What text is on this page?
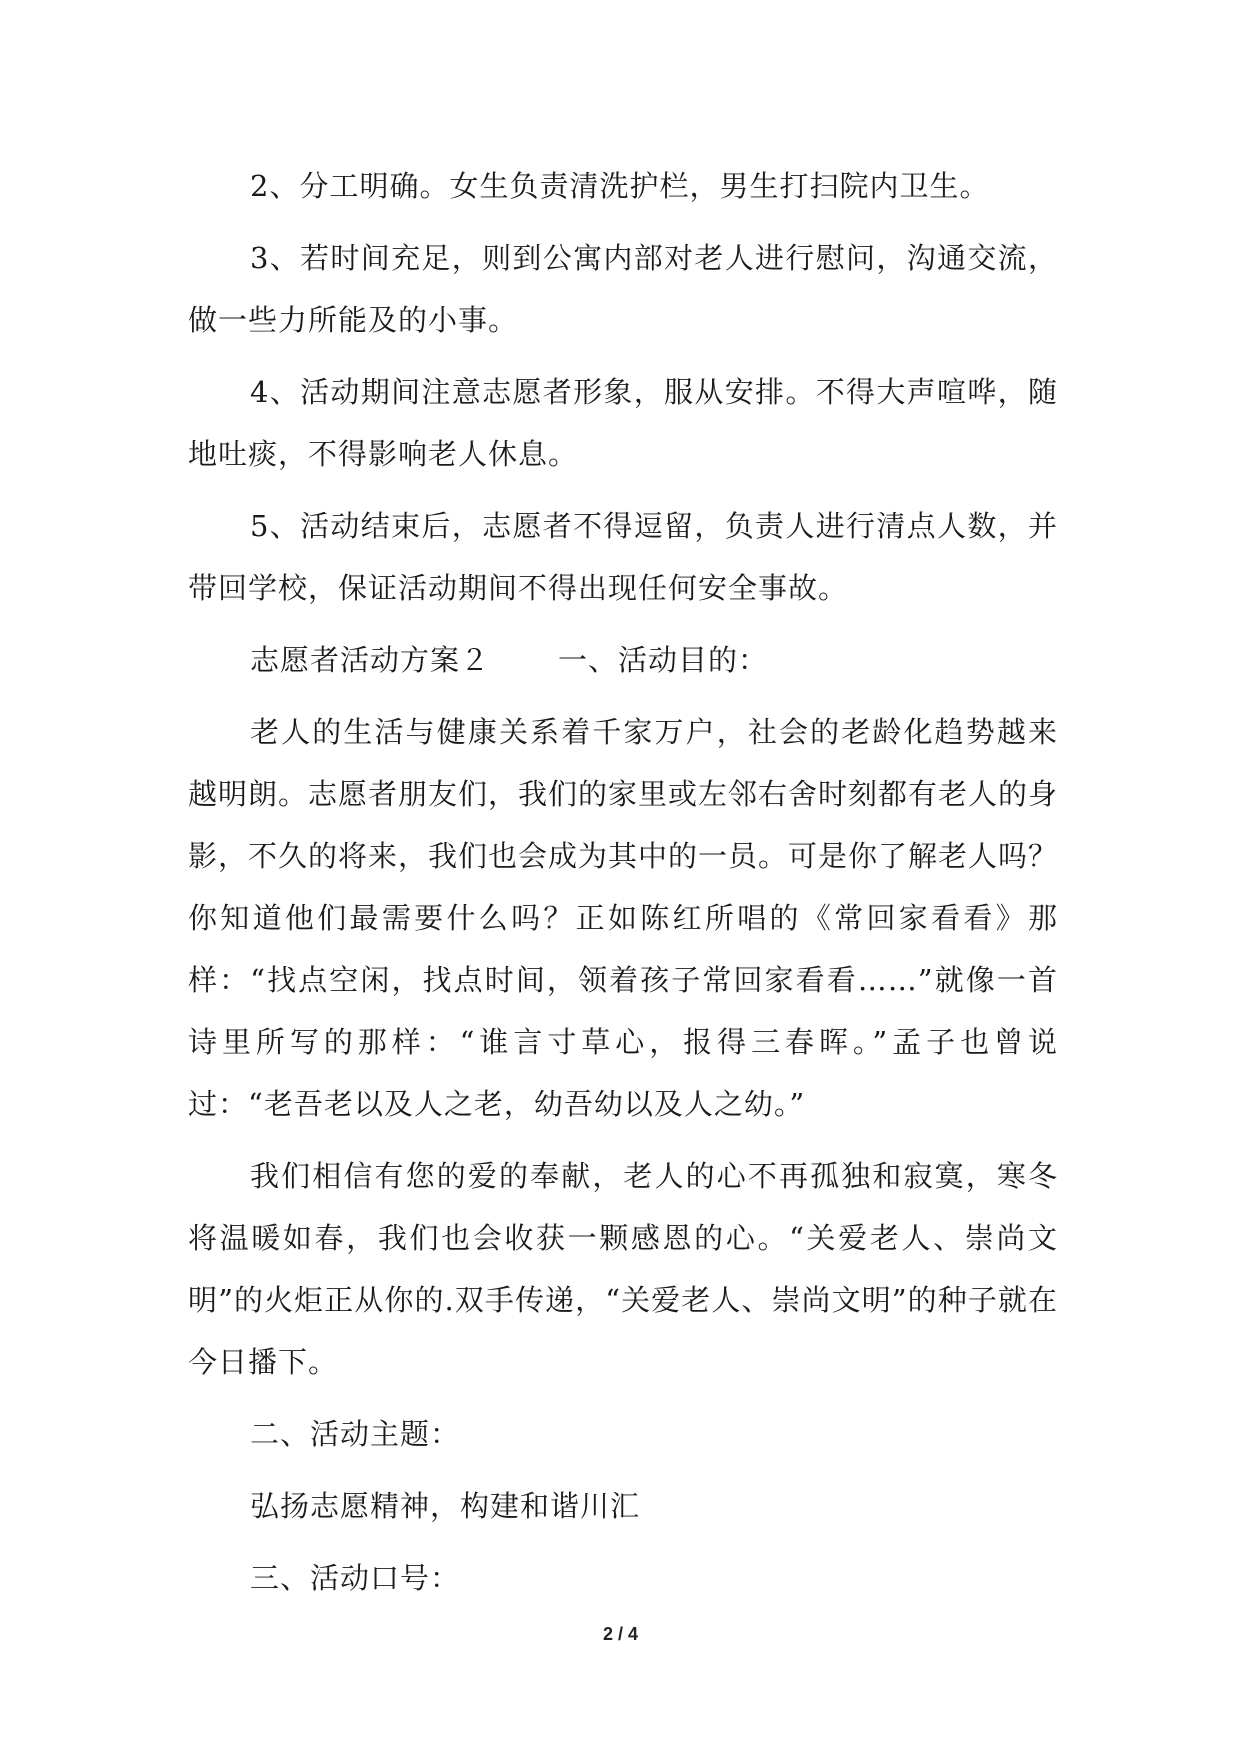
2、分工明确。女生负责清洗护栏，男生打扫院内卫生。

3、若时间充足，则到公寓内部对老人进行慰问，沟通交流，做一些力所能及的小事。

4、活动期间注意志愿者形象，服从安排。不得大声喧哗，随地吐痰，不得影响老人休息。

5、活动结束后，志愿者不得逗留，负责人进行清点人数，并带回学校，保证活动期间不得出现任何安全事故。

志愿者活动方案２ 一、活动目的：

老人的生活与健康关系着千家万户，社会的老龄化趋势越来越明朗。志愿者朋友们，我们的家里或左邻右舍时刻都有老人的身影，不久的将来，我们也会成为其中的一员。可是你了解老人吗？你知道他们最需要什么吗？正如陈红所唱的《常回家看看》那样：“找点空闲，找点时间，领着孩子常回家看看……”就像一首诗里所写的那样：“谁言寸草心，报得三春晖。”孟子也曾说过：“老吾老以及人之老，幼吾幼以及人之幼。”

我们相信有您的爱的奉献，老人的心不再孤独和寂寞，寒冬将温暖如春，我们也会收获一颗感恩的心。“关爱老人、崇尚文明”的火炬正从你的.双手传递，“关爱老人、崇尚文明”的种子就在今日播下。

二、活动主题：

弘扬志愿精神，构建和谐川汇

三、活动口号：

2 / 4
